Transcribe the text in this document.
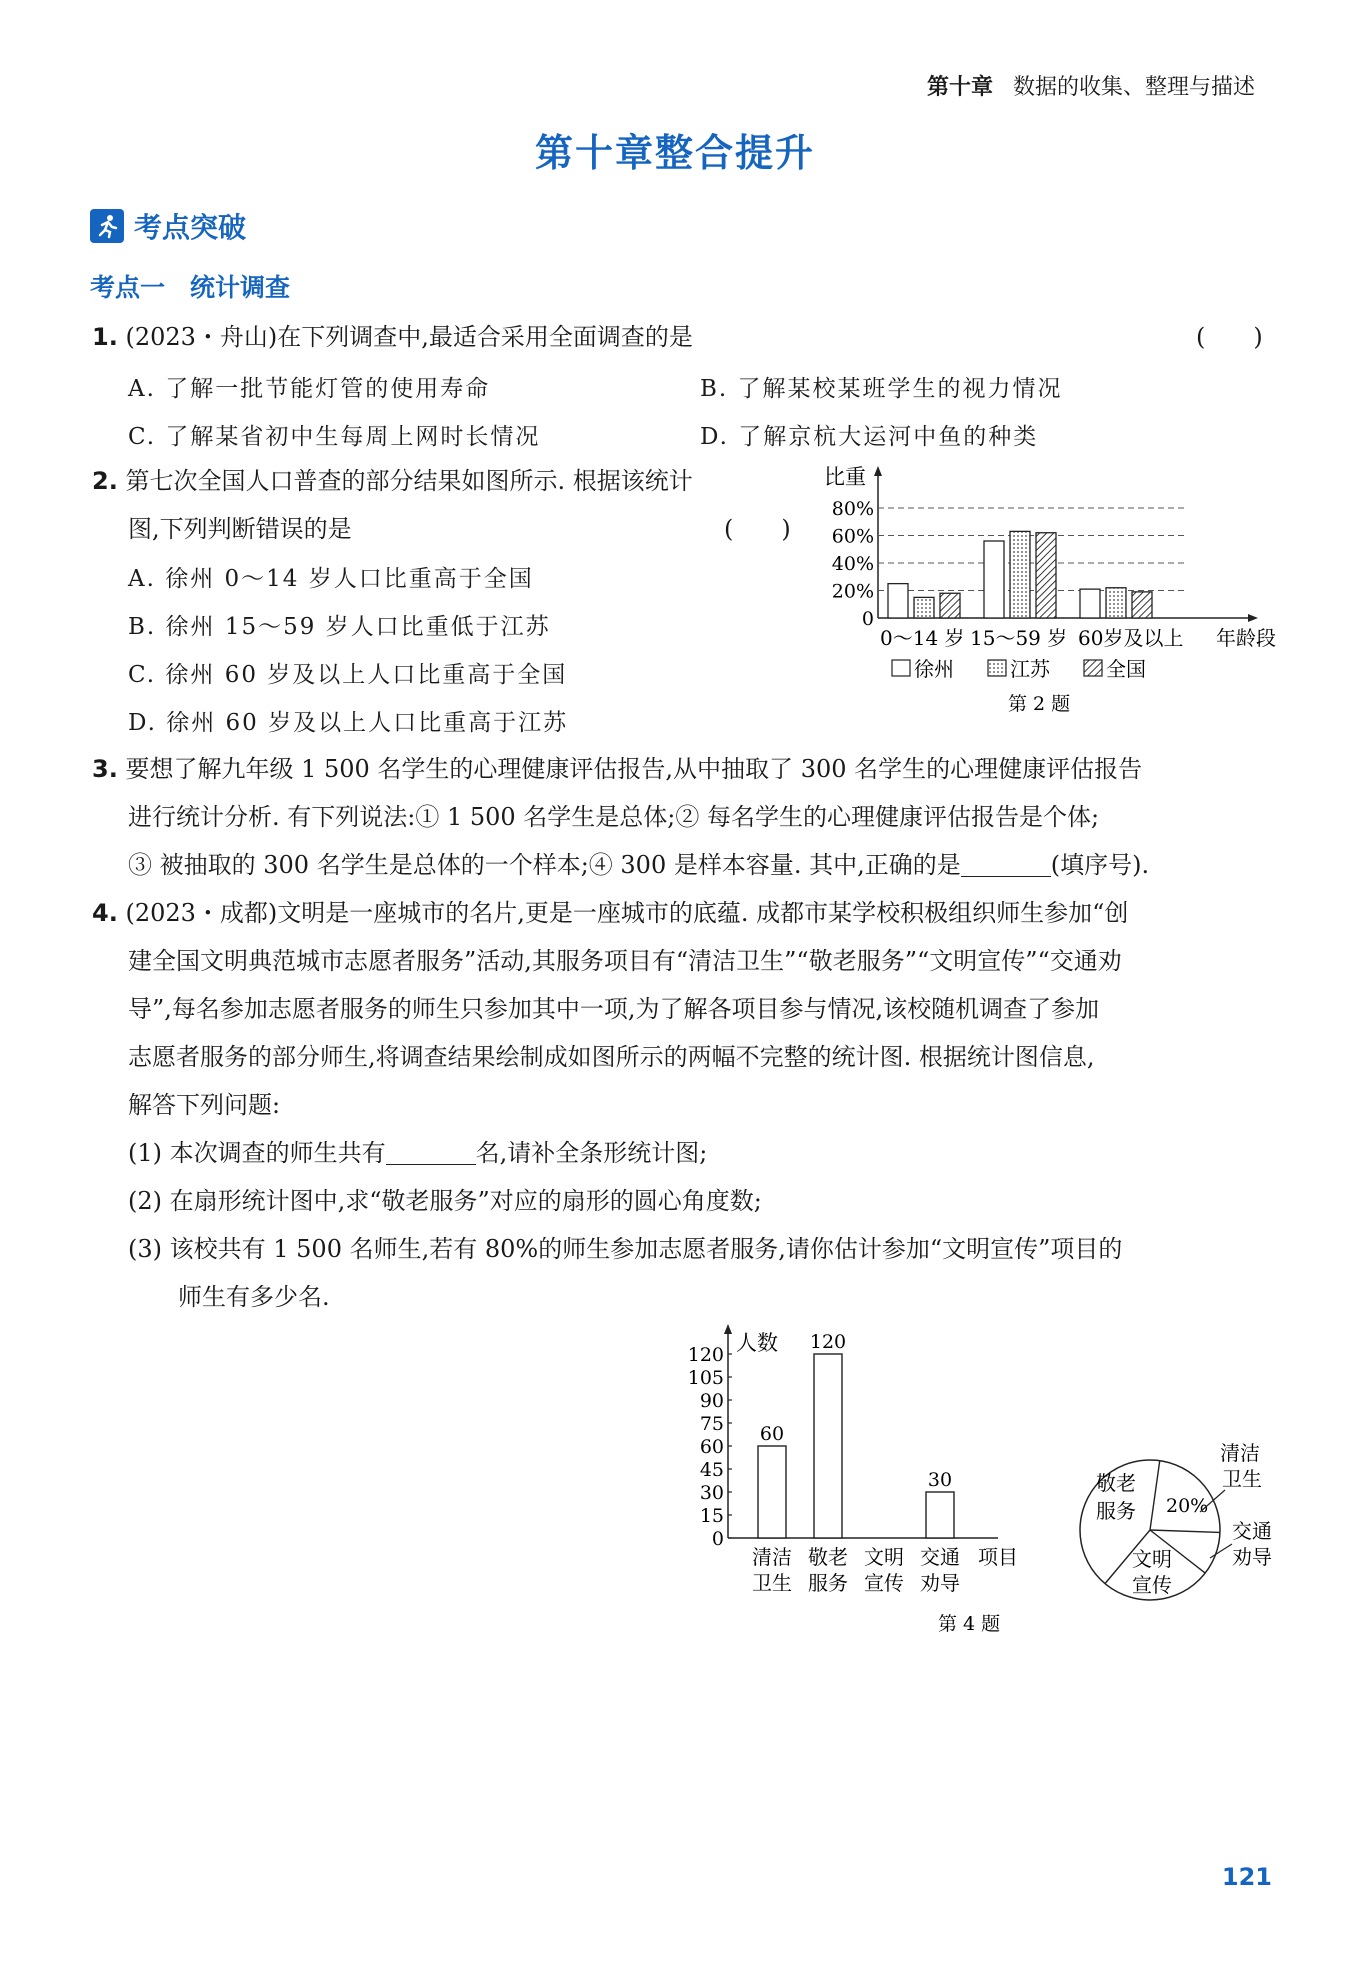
第十章 数据的收集、整理与描述
第十章整合提升
考点突破
考点一　统计调查
1. (2023・舟山)在下列调查中,最适合采用全面调查的是	(　　)
A. 了解一批节能灯管的使用寿命	B. 了解某校某班学生的视力情况
C. 了解某省初中生每周上网时长情况	D. 了解京杭大运河中鱼的种类
2. 第七次全国人口普查的部分结果如图所示. 根据该统计
图,下列判断错误的是	(　　)
A. 徐州 0～14 岁人口比重高于全国
B. 徐州 15～59 岁人口比重低于江苏
C. 徐州 60 岁及以上人口比重高于全国
D. 徐州 60 岁及以上人口比重高于江苏
比重
80%
60%
40%
20%
0
0～14 岁 15～59 岁 60岁及以上 年龄段
徐州	江苏	全国
第 2 题
3. 要想了解九年级 1 500 名学生的心理健康评估报告,从中抽取了 300 名学生的心理健康评估报告
进行统计分析. 有下列说法:① 1 500 名学生是总体;② 每名学生的心理健康评估报告是个体;
③ 被抽取的 300 名学生是总体的一个样本;④ 300 是样本容量. 其中,正确的是	(填序号).
4. (2023・成都)文明是一座城市的名片,更是一座城市的底蕴. 成都市某学校积极组织师生参加“创
建全国文明典范城市志愿者服务”活动,其服务项目有“清洁卫生”“敬老服务”“文明宣传”“交通劝
导”,每名参加志愿者服务的师生只参加其中一项,为了解各项目参与情况,该校随机调查了参加
志愿者服务的部分师生,将调查结果绘制成如图所示的两幅不完整的统计图. 根据统计图信息,
解答下列问题:
(1) 本次调查的师生共有	名,请补全条形统计图;
(2) 在扇形统计图中,求“敬老服务”对应的扇形的圆心角度数;
(3) 该校共有 1 500 名师生,若有 80%的师生参加志愿者服务,请你估计参加“文明宣传”项目的
师生有多少名.
人数
120
105
90
75
60
45
30
15
0
60
120
30
清洁
卫生
敬老
服务
文明
宣传
交通
劝导
项目
第 4 题
20%
敬老
服务
文明
宣传
清洁
卫生
交通
劝导
121
